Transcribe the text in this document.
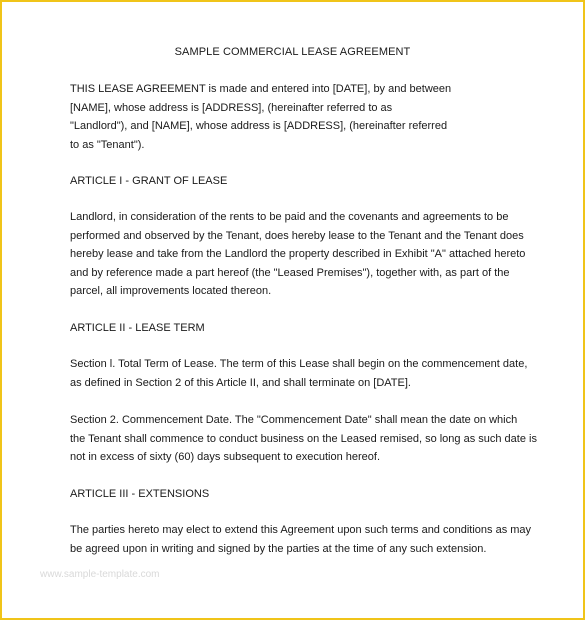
SAMPLE COMMERCIAL LEASE AGREEMENT
THIS LEASE AGREEMENT is made and entered into [DATE], by and between
[NAME], whose address is [ADDRESS], (hereinafter referred to as
"Landlord"), and [NAME], whose address is [ADDRESS], (hereinafter referred
to as "Tenant").
ARTICLE I - GRANT OF LEASE
Landlord, in consideration of the rents to be paid and the covenants and agreements to be
performed and observed by the Tenant, does hereby lease to the Tenant and the Tenant does
hereby lease and take from the Landlord the property described in Exhibit "A" attached hereto
and by reference made a part hereof (the "Leased Premises"), together with, as part of the
parcel, all improvements located thereon.
ARTICLE II - LEASE TERM
Section l. Total Term of Lease. The term of this Lease shall begin on the commencement date,
as defined in Section 2 of this Article II, and shall terminate on [DATE].
Section 2. Commencement Date. The "Commencement Date" shall mean the date on which
the Tenant shall commence to conduct business on the Leased remised, so long as such date is
not in excess of sixty (60) days subsequent to execution hereof.
ARTICLE III - EXTENSIONS
The parties hereto may elect to extend this Agreement upon such terms and conditions as may
be agreed upon in writing and signed by the parties at the time of any such extension.
www.sample-template.com
